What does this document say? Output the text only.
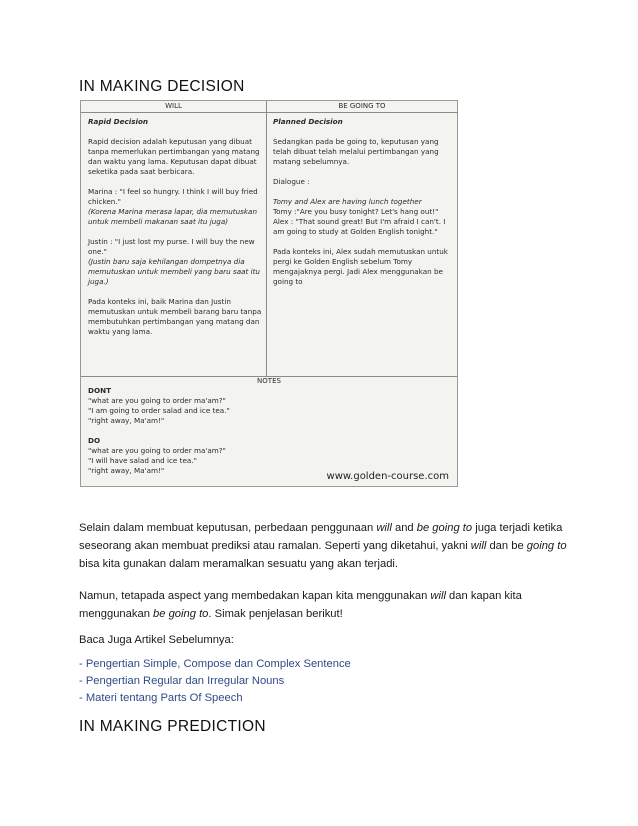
IN MAKING DECISION
WILL	BE GOING TO
Rapid Decision
Rapid decision adalah keputusan yang dibuat tanpa memerlukan pertimbangan yang matang dan waktu yang lama. Keputusan dapat dibuat seketika pada saat berbicara.
Marina : "I feel so hungry. I think I will buy fried chicken."
(Korena Marina merasa lapar, dia memutuskan untuk membeli makanan saat itu juga)
Justin : "I just lost my purse. I will buy the new one."
(Justin baru saja kehilangan dompetnya dia memutuskan untuk membeli yang baru saat itu juga.)
Pada konteks ini, baik Marina dan Justin memutuskan untuk membeli barang baru tanpa membutuhkan pertimbangan yang matang dan waktu yang lama.
Planned Decision
Sedangkan pada be going to, keputusan yang telah dibuat telah melalui pertimbangan yang matang sebelumnya.
Dialogue :
Tomy and Alex are having lunch together
Tomy :"Are you busy tonight? Let's hang out!"
Alex : "That sound great! But I'm afraid I can't. I am going to study at Golden English tonight."
Pada konteks ini, Alex sudah memutuskan untuk pergi ke Golden English sebelum Tomy mengajaknya pergi. Jadi Alex menggunakan be going to
NOTES
DONT
"what are you going to order ma'am?"
"I am going to order salad and ice tea."
"right away, Ma'am!"
DO
"what are you going to order ma'am?"
"I will have salad and ice tea."
"right away, Ma'am!"
www.golden-course.com
Selain dalam membuat keputusan, perbedaan penggunaan will and be going to juga terjadi ketika seseorang akan membuat prediksi atau ramalan. Seperti yang diketahui, yakni will dan be going to bisa kita gunakan dalam meramalkan sesuatu yang akan terjadi.
Namun, tetapada aspect yang membedakan kapan kita menggunakan will dan kapan kita menggunakan be going to. Simak penjelasan berikut!
Baca Juga Artikel Sebelumnya:
- Pengertian Simple, Compose dan Complex Sentence
- Pengertian Regular dan Irregular Nouns
- Materi tentang Parts Of Speech
IN MAKING PREDICTION
